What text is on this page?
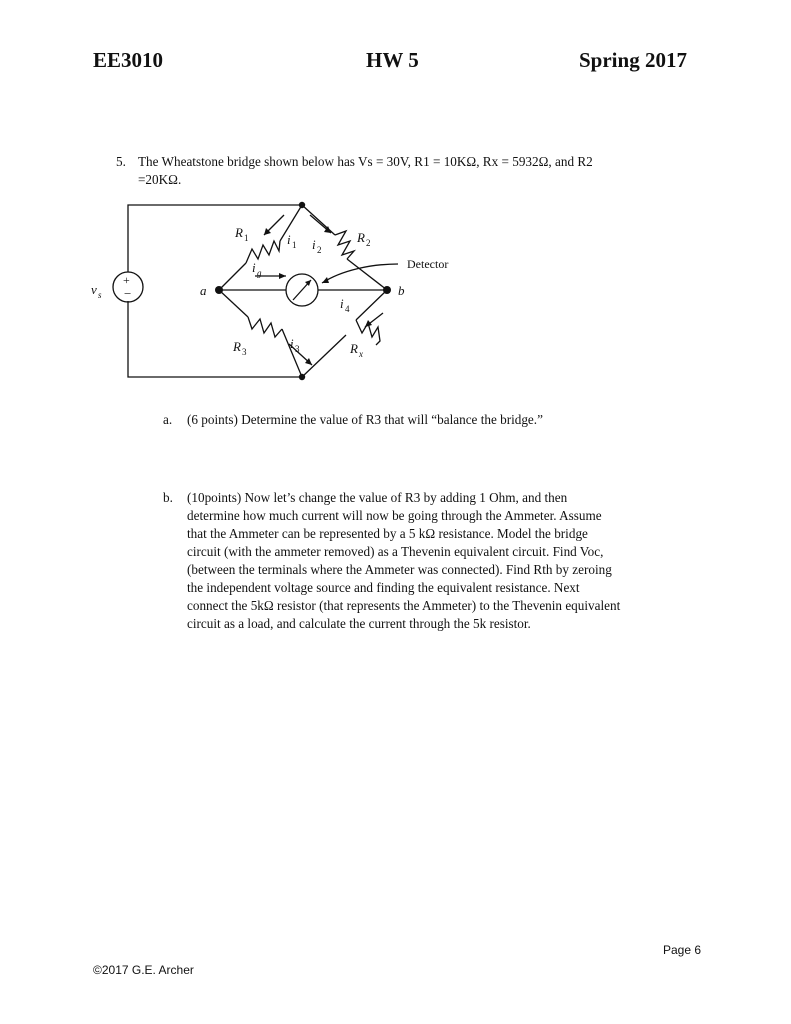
EE3010	HW 5	Spring 2017
5. The Wheatstone bridge shown below has Vs = 30V, R1 = 10KΩ, Rx = 5932Ω, and R2
=20KΩ.
+
−
v s	a	b
R 1	R 2
R 3	R x
i 1 i 2
i 3
i 4
i g
Detector
a. (6 points) Determine the value of R3 that will “balance the bridge.”
b. (10points) Now let’s change the value of R3 by adding 1 Ohm, and then
determine how much current will now be going through the Ammeter. Assume
that the Ammeter can be represented by a 5 kΩ resistance. Model the bridge
circuit (with the ammeter removed) as a Thevenin equivalent circuit. Find Voc,
(between the terminals where the Ammeter was connected). Find Rth by zeroing
the independent voltage source and finding the equivalent resistance. Next
connect the 5kΩ resistor (that represents the Ammeter) to the Thevenin equivalent
circuit as a load, and calculate the current through the 5k resistor.
Page 6
©2017 G.E. Archer
